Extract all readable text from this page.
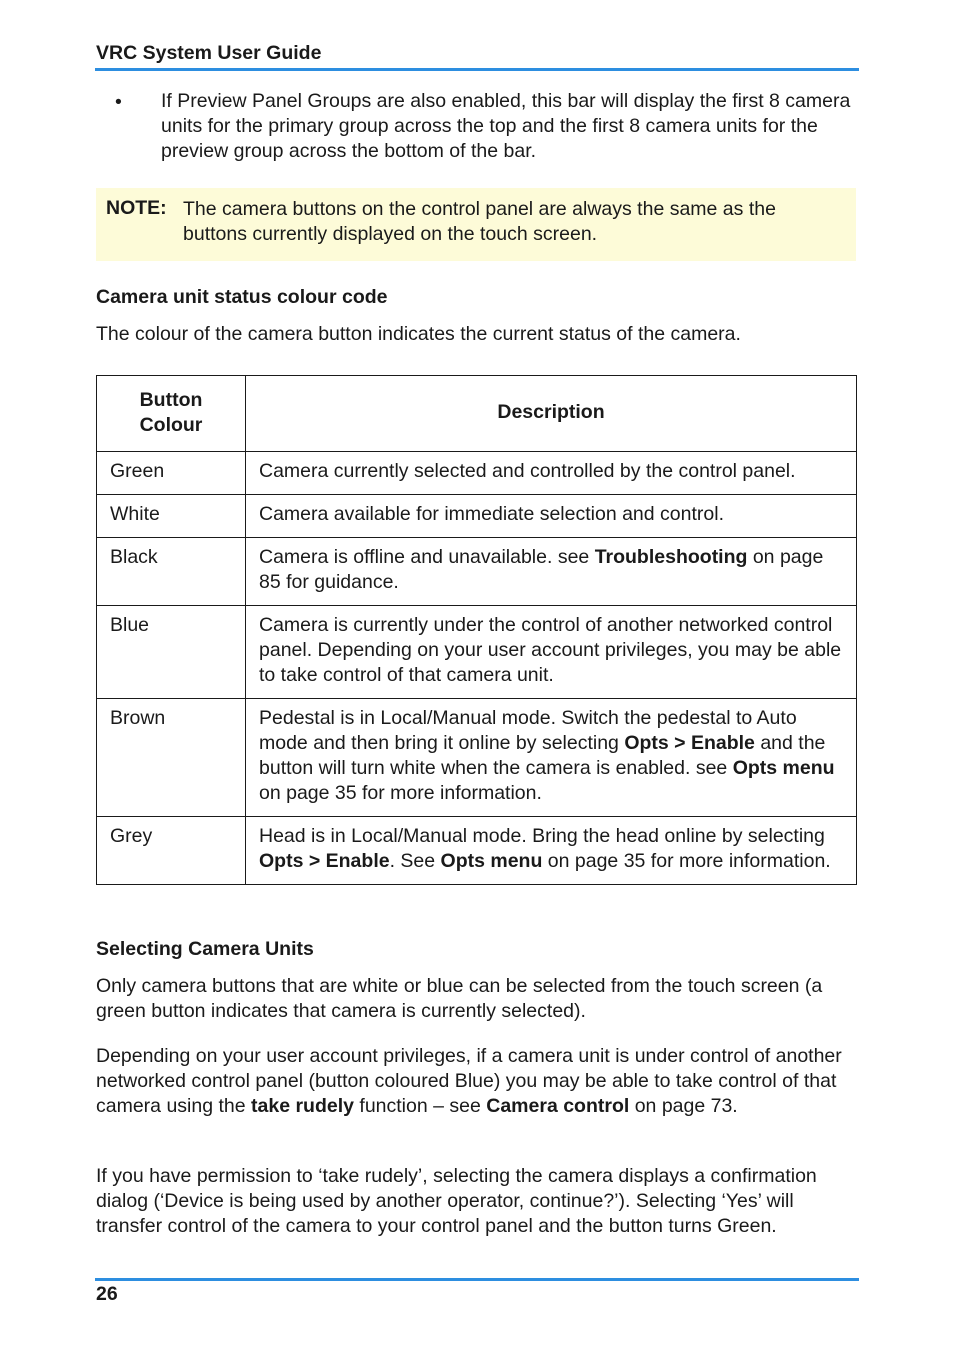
VRC System User Guide
• If Preview Panel Groups are also enabled, this bar will display the first 8 camera units for the primary group across the top and the first 8 camera units for the preview group across the bottom of the bar.
NOTE: The camera buttons on the control panel are always the same as the buttons currently displayed on the touch screen.
Camera unit status colour code
The colour of the camera button indicates the current status of the camera.
Button Colour	Description
Green	Camera currently selected and controlled by the control panel.
White	Camera available for immediate selection and control.
Black	Camera is offline and unavailable. see Troubleshooting on page 85 for guidance.
Blue	Camera is currently under the control of another networked control panel. Depending on your user account privileges, you may be able to take control of that camera unit.
Brown	Pedestal is in Local/Manual mode. Switch the pedestal to Auto mode and then bring it online by selecting Opts > Enable and the button will turn white when the camera is enabled. see Opts menu on page 35 for more information.
Grey	Head is in Local/Manual mode. Bring the head online by selecting Opts > Enable. See Opts menu on page 35 for more information.
Selecting Camera Units
Only camera buttons that are white or blue can be selected from the touch screen (a green button indicates that camera is currently selected).
Depending on your user account privileges, if a camera unit is under control of another networked control panel (button coloured Blue) you may be able to take control of that camera using the take rudely function – see Camera control on page 73.
If you have permission to ‘take rudely’, selecting the camera displays a confirmation dialog (‘Device is being used by another operator, continue?’). Selecting ‘Yes’ will transfer control of the camera to your control panel and the button turns Green.
26
